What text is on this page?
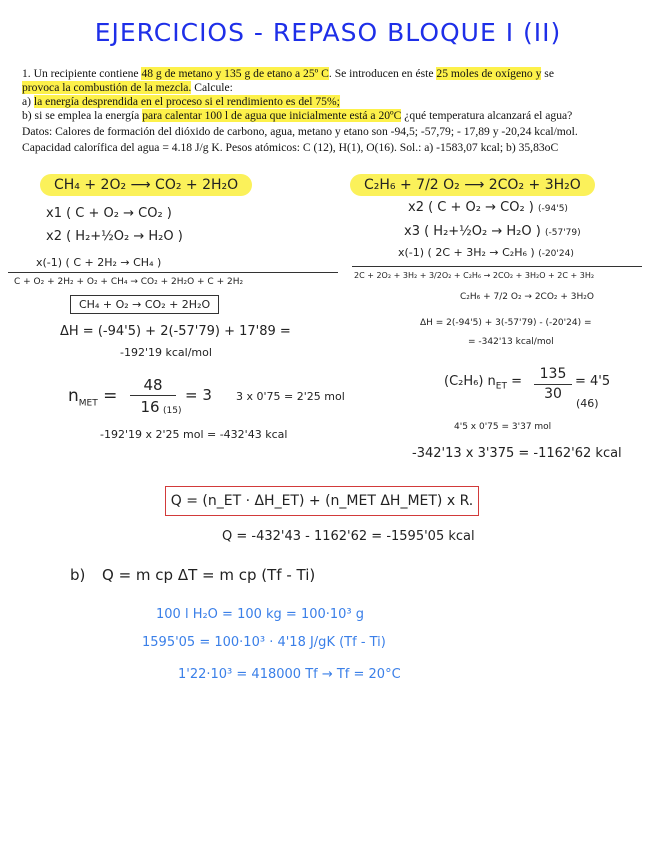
EJERCICIOS - REPASO BLOQUE I (II)
1. Un recipiente contiene 48 g de metano y 135 g de etano a 25º C. Se introducen en éste 25 moles de oxígeno y se
provoca la combustión de la mezcla. Calcule:
a) la energía desprendida en el proceso si el rendimiento es del 75%;
b) si se emplea la energía para calentar 100 l de agua que inicialmente está a 20ºC ¿qué temperatura alcanzará el agua?
Datos: Calores de formación del dióxido de carbono, agua, metano y etano son -94,5; -57,79; - 17,89 y -20,24 kcal/mol.
Capacidad calorífica del agua = 4.18 J/g K. Pesos atómicos: C (12), H(1), O(16). Sol.: a) -1583,07 kcal; b) 35,83oC
CH₄ + 2O₂ ⟶ CO₂ + 2H₂O
x1 ( C + O₂ → CO₂ )
x2 ( H₂+½O₂ → H₂O )
x(-1) ( C + 2H₂ → CH₄ )
C + O₂ + 2H₂ + O₂ + CH₄ → CO₂ + 2H₂O + C + 2H₂
CH₄ + O₂ → CO₂ + 2H₂O
ΔH = (-94'5) + 2(-57'79) + 17'89 =
-192'19 kcal/mol
$n_{MET}$ =
48
16 (15)
= 3 3 x 0'75 = 2'25 mol
-192'19 x 2'25 mol = -432'43 kcal
C₂H₆ + 7/2 O₂ ⟶ 2CO₂ + 3H₂O
x2 ( C + O₂ → CO₂ ) (-94'5)
x3 ( H₂+½O₂ → H₂O ) (-57'79)
x(-1) ( 2C + 3H₂ → C₂H₆ ) (-20'24)
2C + 2O₂ + 3H₂ + 3/2O₂ + C₂H₆ → 2CO₂ + 3H₂O + 2C + 3H₂
C₂H₆ + 7/2 O₂ → 2CO₂ + 3H₂O
ΔH = 2(-94'5) + 3(-57'79) - (-20'24) =
= -342'13 kcal/mol
(C₂H₆) $n_{ET}$ =	135
30
= 4'5
(46)
4'5 x 0'75 = 3'37 mol
-342'13 x 3'375 = -1162'62 kcal
Q = (n_ET · ΔH_ET) + (n_MET ΔH_MET) x R.
Q = -432'43 - 1162'62 = -1595'05 kcal
b) Q = m cp ΔT = m cp (Tf - Ti)
100 l H₂O = 100 kg = 100·10³ g
1595'05 = 100·10³ · 4'18 J/gK (Tf - Ti)
1'22·10³ = 418000 Tf → Tf = 20°C
